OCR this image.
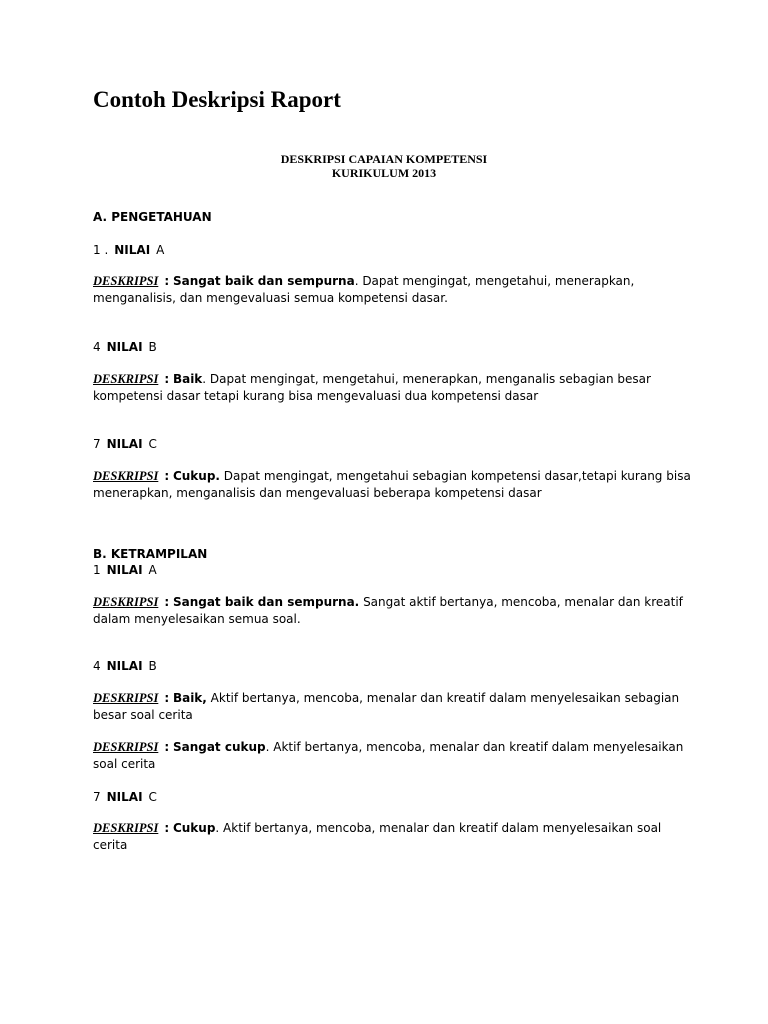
Contoh Deskripsi Raport

DESKRIPSI CAPAIAN KOMPETENSI

KURIKULUM 2013

A. PENGETAHUAN

1 . NILAI A

DESKRIPSI : Sangat baik dan sempurna. Dapat mengingat, mengetahui, menerapkan, menganalisis, dan mengevaluasi semua kompetensi dasar.

4 NILAI B

DESKRIPSI : Baik. Dapat mengingat, mengetahui, menerapkan, menganalis sebagian besar kompetensi dasar tetapi kurang bisa mengevaluasi dua kompetensi dasar

7 NILAI C

DESKRIPSI : Cukup. Dapat mengingat, mengetahui sebagian kompetensi dasar,tetapi kurang bisa menerapkan, menganalisis dan mengevaluasi beberapa kompetensi dasar

B. KETRAMPILAN

1 NILAI A

DESKRIPSI : Sangat baik dan sempurna. Sangat aktif bertanya, mencoba, menalar dan kreatif dalam menyelesaikan semua soal.

4 NILAI B

DESKRIPSI : Baik, Aktif bertanya, mencoba, menalar dan kreatif dalam menyelesaikan sebagian besar soal cerita

DESKRIPSI : Sangat cukup. Aktif bertanya, mencoba, menalar dan kreatif dalam menyelesaikan soal cerita

7 NILAI C

DESKRIPSI : Cukup. Aktif bertanya, mencoba, menalar dan kreatif dalam menyelesaikan soal cerita
